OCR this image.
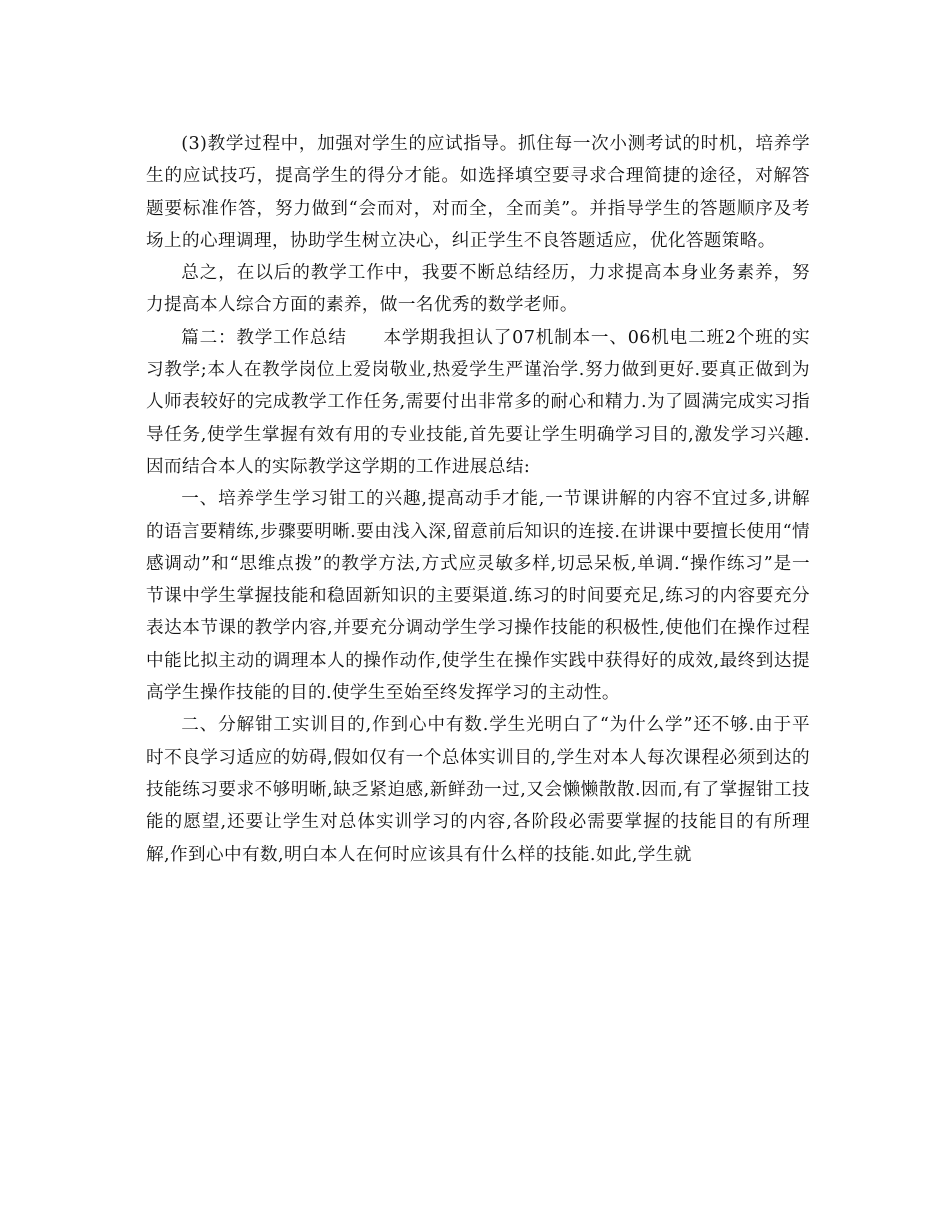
(3)教学过程中，加强对学生的应试指导。抓住每一次小测考试的时机，培养学生的应试技巧，提高学生的得分才能。如选择填空要寻求合理简捷的途径，对解答题要标准作答，努力做到“会而对，对而全，全而美”。并指导学生的答题顺序及考场上的心理调理，协助学生树立决心，纠正学生不良答题适应，优化答题策略。

总之，在以后的教学工作中，我要不断总结经历，力求提高本身业务素养，努力提高本人综合方面的素养，做一名优秀的数学老师。

篇二：教学工作总结　　本学期我担认了07机制本一、06机电二班2个班的实习教学;本人在教学岗位上爱岗敬业,热爱学生严谨治学.努力做到更好.要真正做到为人师表较好的完成教学工作任务,需要付出非常多的耐心和精力.为了圆满完成实习指导任务,使学生掌握有效有用的专业技能,首先要让学生明确学习目的,激发学习兴趣.因而结合本人的实际教学这学期的工作进展总结:

一、培养学生学习钳工的兴趣,提高动手才能,一节课讲解的内容不宜过多,讲解的语言要精练,步骤要明晰.要由浅入深,留意前后知识的连接.在讲课中要擅长使用“情感调动”和“思维点拨”的教学方法,方式应灵敏多样,切忌呆板,单调.“操作练习”是一节课中学生掌握技能和稳固新知识的主要渠道.练习的时间要充足,练习的内容要充分表达本节课的教学内容,并要充分调动学生学习操作技能的积极性,使他们在操作过程中能比拟主动的调理本人的操作动作,使学生在操作实践中获得好的成效,最终到达提高学生操作技能的目的.使学生至始至终发挥学习的主动性。

二、分解钳工实训目的,作到心中有数.学生光明白了“为什么学”还不够.由于平时不良学习适应的妨碍,假如仅有一个总体实训目的,学生对本人每次课程必须到达的技能练习要求不够明晰,缺乏紧迫感,新鲜劲一过,又会懒懒散散.因而,有了掌握钳工技能的愿望,还要让学生对总体实训学习的内容,各阶段必需要掌握的技能目的有所理解,作到心中有数,明白本人在何时应该具有什么样的技能.如此,学生就
